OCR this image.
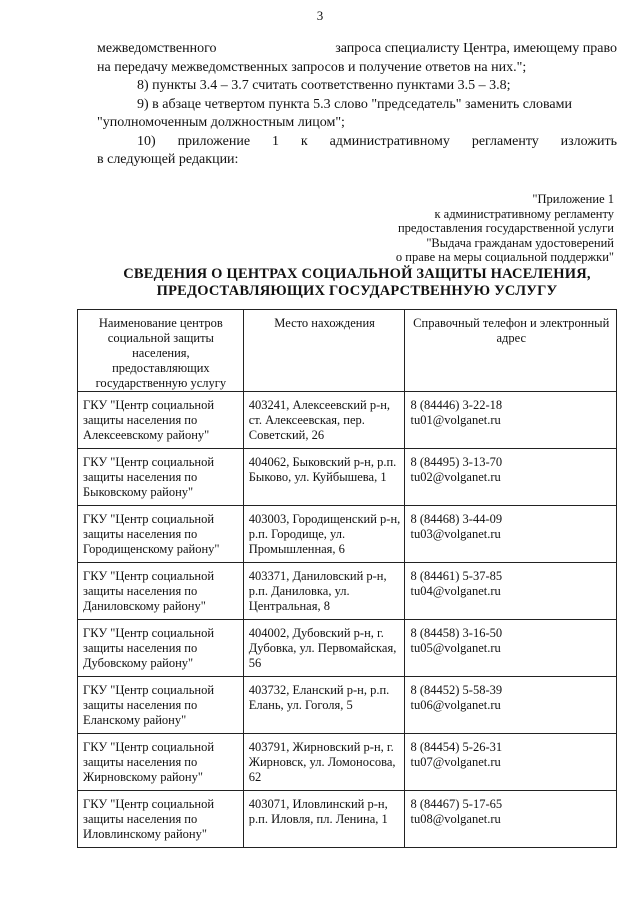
3
межведомственного	запроса специалисту Центра, имеющему право
на передачу межведомственных запросов и получение ответов на них.";
8) пункты 3.4 – 3.7 считать соответственно пунктами 3.5 – 3.8;
9) в абзаце четвертом пункта 5.3 слово "председатель" заменить словами
"уполномоченным должностным лицом";
10) приложение 1 к административному регламенту изложить
в следующей редакции:
"Приложение 1
к административному регламенту
предоставления государственной услуги
"Выдача гражданам удостоверений
о праве на меры социальной поддержки"
СВЕДЕНИЯ О ЦЕНТРАХ СОЦИАЛЬНОЙ ЗАЩИТЫ НАСЕЛЕНИЯ,
ПРЕДОСТАВЛЯЮЩИХ ГОСУДАРСТВЕННУЮ УСЛУГУ
Наименование центров социальной защиты населения, предоставляющих государственную услугу	Место нахождения	Справочный телефон и электронный адрес
ГКУ "Центр социальной защиты населения по Алексеевскому району"	403241, Алексеевский р-н, ст. Алексеевская, пер. Советский, 26	8 (84446) 3-22-18
tu01@volganet.ru

ГКУ "Центр социальной защиты населения по Быковскому району"	404062, Быковский р-н, р.п. Быково, ул. Куйбышева, 1	8 (84495) 3-13-70
tu02@volganet.ru

ГКУ "Центр социальной защиты населения по Городищенскому району"	403003, Городищенский р-н, р.п. Городище, ул. Промышленная, 6	8 (84468) 3-44-09
tu03@volganet.ru

ГКУ "Центр социальной защиты населения по Даниловскому району"	403371, Даниловский р-н, р.п. Даниловка, ул. Центральная, 8	8 (84461) 5-37-85
tu04@volganet.ru

ГКУ "Центр социальной защиты населения по Дубовскому району"	404002, Дубовский р-н, г. Дубовка, ул. Первомайская, 56	8 (84458) 3-16-50
tu05@volganet.ru

ГКУ "Центр социальной защиты населения по Еланскому району"	403732, Еланский р-н, р.п. Елань, ул. Гоголя, 5	8 (84452) 5-58-39
tu06@volganet.ru

ГКУ "Центр социальной защиты населения по Жирновскому району"	403791, Жирновский р-н, г. Жирновск, ул. Ломоносова, 62	8 (84454) 5-26-31
tu07@volganet.ru

ГКУ "Центр социальной защиты населения по Иловлинскому району"	403071, Иловлинский р-н, р.п. Иловля, пл. Ленина, 1	8 (84467) 5-17-65
tu08@volganet.ru
